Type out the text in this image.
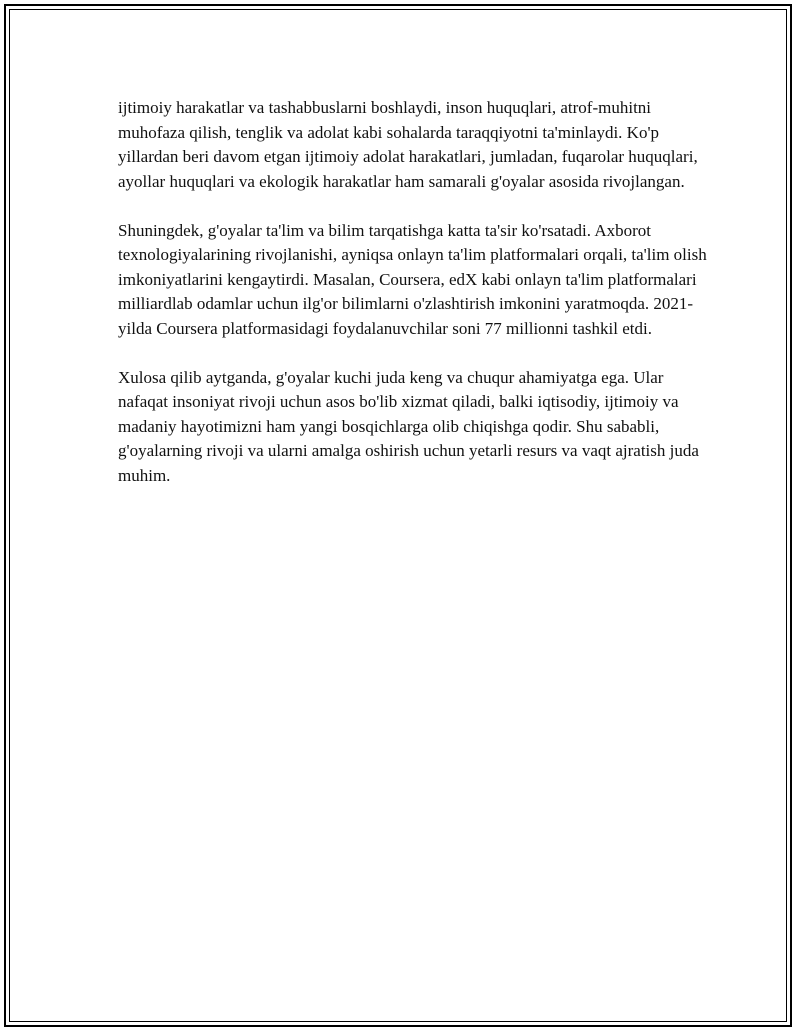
ijtimoiy harakatlar va tashabbuslarni boshlaydi, inson huquqlari, atrof-muhitni muhofaza qilish, tenglik va adolat kabi sohalarda taraqqiyotni ta'minlaydi. Ko'p yillardan beri davom etgan ijtimoiy adolat harakatlari, jumladan, fuqarolar huquqlari, ayollar huquqlari va ekologik harakatlar ham samarali g'oyalar asosida rivojlangan.

Shuningdek, g'oyalar ta'lim va bilim tarqatishga katta ta'sir ko'rsatadi. Axborot texnologiyalarining rivojlanishi, ayniqsa onlayn ta'lim platformalari orqali, ta'lim olish imkoniyatlarini kengaytirdi. Masalan, Coursera, edX kabi onlayn ta'lim platformalari milliardlab odamlar uchun ilg'or bilimlarni o'zlashtirish imkonini yaratmoqda. 2021-yilda Coursera platformasidagi foydalanuvchilar soni 77 millionni tashkil etdi.

Xulosa qilib aytganda, g'oyalar kuchi juda keng va chuqur ahamiyatga ega. Ular nafaqat insoniyat rivoji uchun asos bo'lib xizmat qiladi, balki iqtisodiy, ijtimoiy va madaniy hayotimizni ham yangi bosqichlarga olib chiqishga qodir. Shu sababli, g'oyalarning rivoji va ularni amalga oshirish uchun yetarli resurs va vaqt ajratish juda muhim.
